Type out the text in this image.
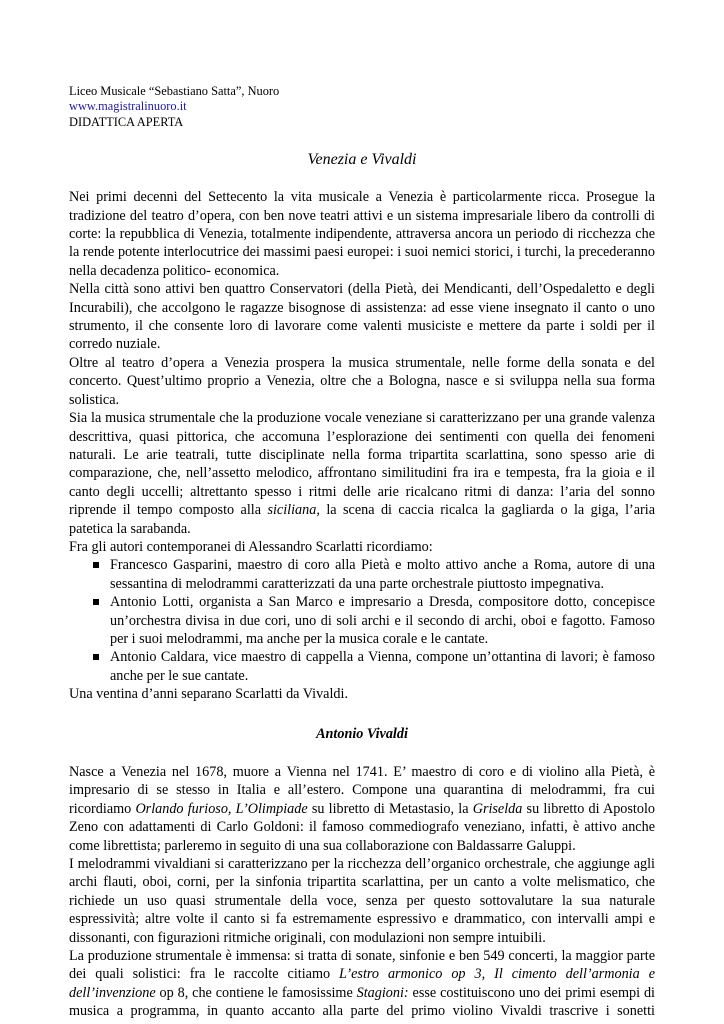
Liceo Musicale “Sebastiano Satta”, Nuoro
www.magistralinuoro.it
DIDATTICA APERTA
Venezia e Vivaldi

Nei primi decenni del Settecento la vita musicale a Venezia è particolarmente ricca. Prosegue la tradizione del teatro d’opera, con ben nove teatri attivi e un sistema impresariale libero da controlli di corte: la repubblica di Venezia, totalmente indipendente, attraversa ancora un periodo di ricchezza che la rende potente interlocutrice dei massimi paesi europei: i suoi nemici storici, i turchi, la precederanno nella decadenza politico- economica.

Nella città sono attivi ben quattro Conservatori (della Pietà, dei Mendicanti, dell’Ospedaletto e degli Incurabili), che accolgono le ragazze bisognose di assistenza: ad esse viene insegnato il canto o uno strumento, il che consente loro di lavorare come valenti musiciste e mettere da parte i soldi per il corredo nuziale.

Oltre al teatro d’opera a Venezia prospera la musica strumentale, nelle forme della sonata e del concerto. Quest’ultimo proprio a Venezia, oltre che a Bologna, nasce e si sviluppa nella sua forma solistica.

Sia la musica strumentale che la produzione vocale veneziane si caratterizzano per una grande valenza descrittiva, quasi pittorica, che accomuna l’esplorazione dei sentimenti con quella dei fenomeni naturali. Le arie teatrali, tutte disciplinate nella forma tripartita scarlattina, sono spesso arie di comparazione, che, nell’assetto melodico, affrontano similitudini fra ira e tempesta, fra la gioia e il canto degli uccelli; altrettanto spesso i ritmi delle arie ricalcano ritmi di danza: l’aria del sonno riprende il tempo composto alla siciliana, la scena di caccia ricalca la gagliarda o la giga, l’aria patetica la sarabanda.

Fra gli autori contemporanei di Alessandro Scarlatti ricordiamo:

Francesco Gasparini, maestro di coro alla Pietà e molto attivo anche a Roma, autore di una sessantina di melodrammi caratterizzati da una parte orchestrale piuttosto impegnativa.
Antonio Lotti, organista a San Marco e impresario a Dresda, compositore dotto, concepisce un’orchestra divisa in due cori, uno di soli archi e il secondo di archi, oboi e fagotto. Famoso per i suoi melodrammi, ma anche per la musica corale e le cantate.
Antonio Caldara, vice maestro di cappella a Vienna, compone un’ottantina di lavori; è famoso anche per le sue cantate.

Una ventina d’anni separano Scarlatti da Vivaldi.

Antonio Vivaldi

Nasce a Venezia nel 1678, muore a Vienna nel 1741. E’ maestro di coro e di violino alla Pietà, è impresario di se stesso in Italia e all’estero. Compone una quarantina di melodrammi, fra cui ricordiamo Orlando furioso, L’Olimpiade su libretto di Metastasio, la Griselda su libretto di Apostolo Zeno con adattamenti di Carlo Goldoni: il famoso commediografo veneziano, infatti, è attivo anche come librettista; parleremo in seguito di una sua collaborazione con Baldassarre Galuppi.

I melodrammi vivaldiani si caratterizzano per la ricchezza dell’organico orchestrale, che aggiunge agli archi flauti, oboi, corni, per la sinfonia tripartita scarlattina, per un canto a volte melismatico, che richiede un uso quasi strumentale della voce, senza per questo sottovalutare la sua naturale espressività; altre volte il canto si fa estremamente espressivo e drammatico, con intervalli ampi e dissonanti, con figurazioni ritmiche originali, con modulazioni non sempre intuibili.

La produzione strumentale è immensa: si tratta di sonate, sinfonie e ben 549 concerti, la maggior parte dei quali solistici: fra le raccolte citiamo L’estro armonico op 3, Il cimento dell’armonia e dell’invenzione op 8, che contiene le famosissime Stagioni: esse costituiscono uno dei primi esempi di musica a programma, in quanto accanto alla parte del primo violino Vivaldi trascrive i sonetti
